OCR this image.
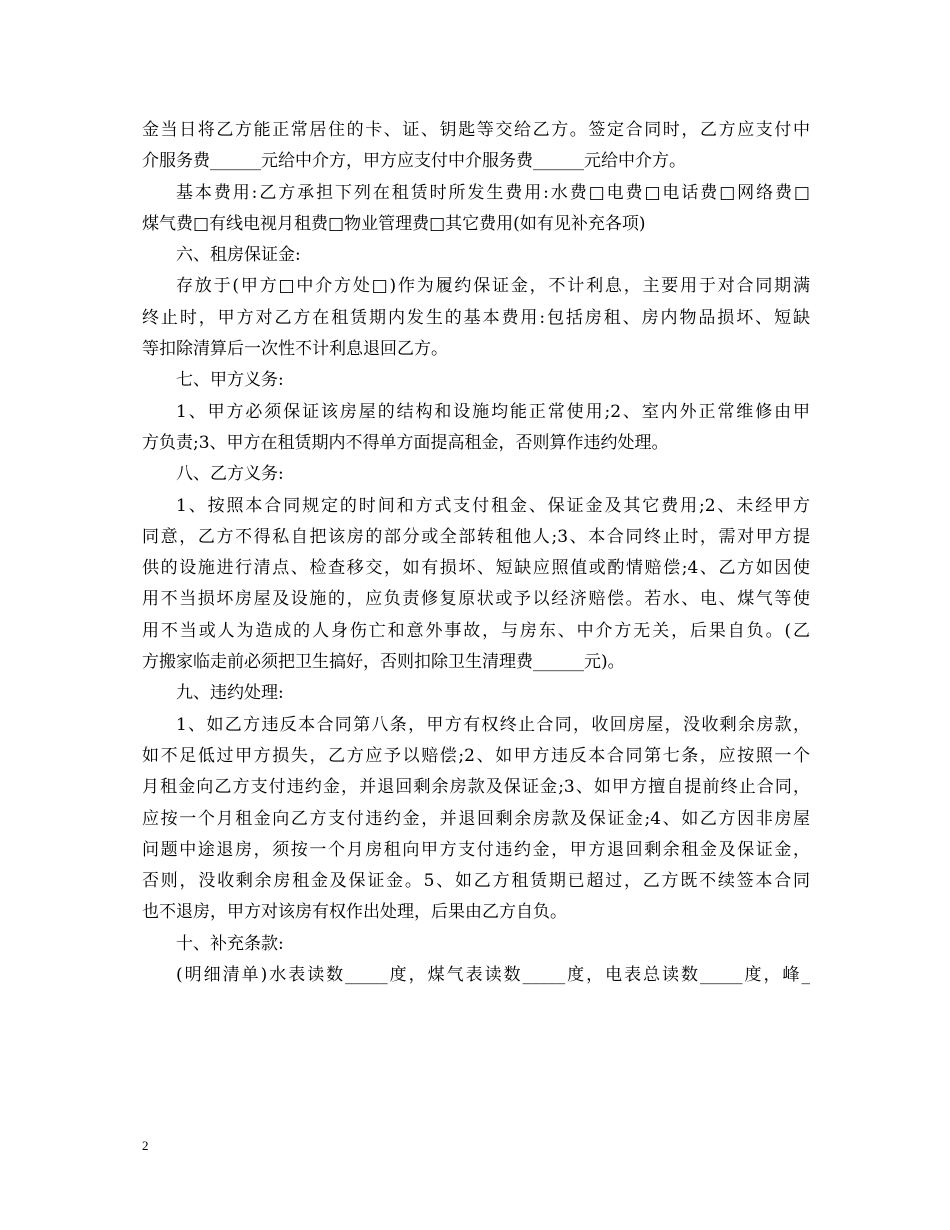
金当日将乙方能正常居住的卡、证、钥匙等交给乙方。签定合同时，乙方应支付中
介服务费______元给中介方，甲方应支付中介服务费______元给中介方。
基本费用:乙方承担下列在租赁时所发生费用:水费□电费□电话费□网络费□
煤气费□有线电视月租费□物业管理费□其它费用(如有见补充各项)
六、租房保证金:
存放于(甲方□中介方处□)作为履约保证金，不计利息，主要用于对合同期满
终止时，甲方对乙方在租赁期内发生的基本费用:包括房租、房内物品损坏、短缺
等扣除清算后一次性不计利息退回乙方。
七、甲方义务:
1、甲方必须保证该房屋的结构和设施均能正常使用;2、室内外正常维修由甲
方负责;3、甲方在租赁期内不得单方面提高租金，否则算作违约处理。
八、乙方义务:
1、按照本合同规定的时间和方式支付租金、保证金及其它费用;2、未经甲方
同意，乙方不得私自把该房的部分或全部转租他人;3、本合同终止时，需对甲方提
供的设施进行清点、检查移交，如有损坏、短缺应照值或酌情赔偿;4、乙方如因使
用不当损坏房屋及设施的，应负责修复原状或予以经济赔偿。若水、电、煤气等使
用不当或人为造成的人身伤亡和意外事故，与房东、中介方无关，后果自负。(乙
方搬家临走前必须把卫生搞好，否则扣除卫生清理费______元)。
九、违约处理:
1、如乙方违反本合同第八条，甲方有权终止合同，收回房屋，没收剩余房款，
如不足低过甲方损失，乙方应予以赔偿;2、如甲方违反本合同第七条，应按照一个
月租金向乙方支付违约金，并退回剩余房款及保证金;3、如甲方擅自提前终止合同，
应按一个月租金向乙方支付违约金，并退回剩余房款及保证金;4、如乙方因非房屋
问题中途退房，须按一个月房租向甲方支付违约金，甲方退回剩余租金及保证金，
否则，没收剩余房租金及保证金。5、如乙方租赁期已超过，乙方既不续签本合同
也不退房，甲方对该房有权作出处理，后果由乙方自负。
十、补充条款:
(明细清单)水表读数_____度，煤气表读数_____度，电表总读数_____度，峰_
2
